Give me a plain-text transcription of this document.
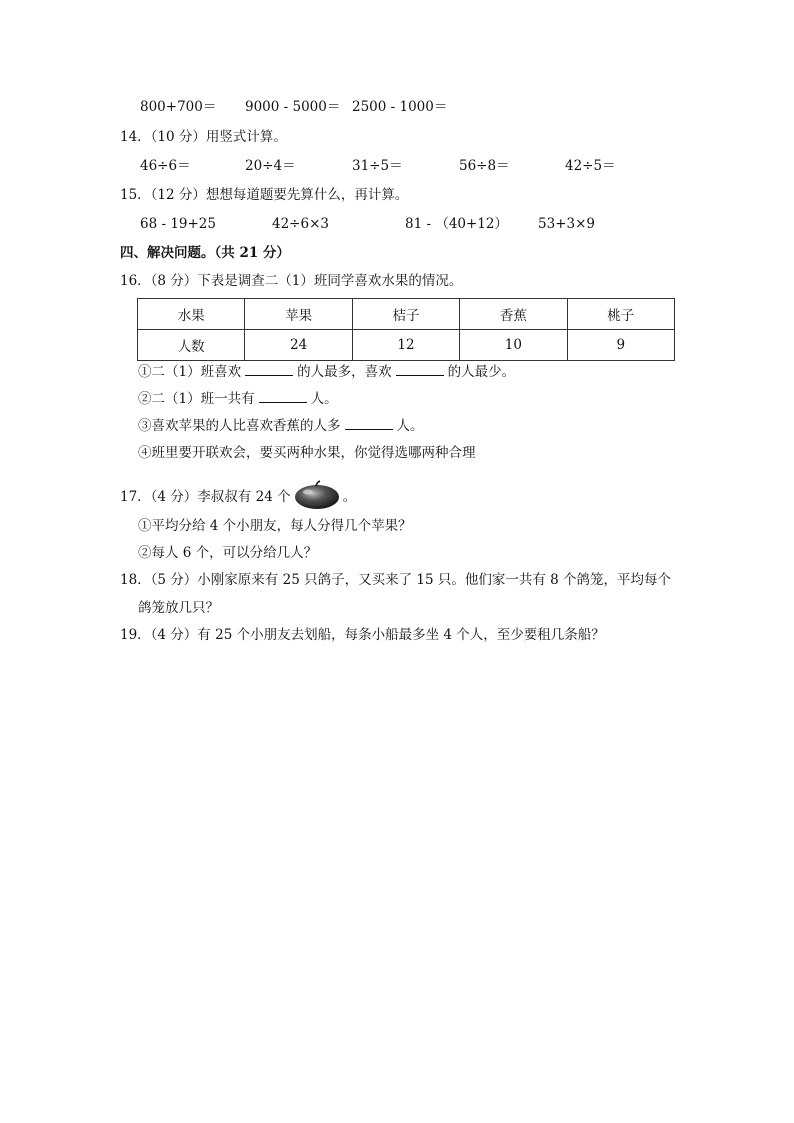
800+700＝ 9000 - 5000＝ 2500 - 1000＝
14．（10 分）用竖式计算。
46÷6＝	20÷4＝	31÷5＝	56÷8＝	42÷5＝
15．（12 分）想想每道题要先算什么，再计算。
68 - 19+25	42÷6×3	81 - （40+12） 53+3×9
四、解决问题。（共 21 分）
16．（8 分）下表是调查二（1）班同学喜欢水果的情况。
水果	苹果	桔子	香蕉	桃子
人数	24	12	10	9
①二（1）班喜欢	的人最多，喜欢	的人最少。
②二（1）班一共有	人。
③喜欢苹果的人比喜欢香蕉的人多	人。
④班里要开联欢会，要买两种水果，你觉得选哪两种合理
17．（4 分）李叔叔有 24 个	。
①平均分给 4 个小朋友，每人分得几个苹果？
②每人 6 个，可以分给几人？
18．（5 分）小刚家原来有 25 只鸽子，又买来了 15 只。他们家一共有 8 个鸽笼，平均每个
鸽笼放几只？
19．（4 分）有 25 个小朋友去划船，每条小船最多坐 4 个人，至少要租几条船？
